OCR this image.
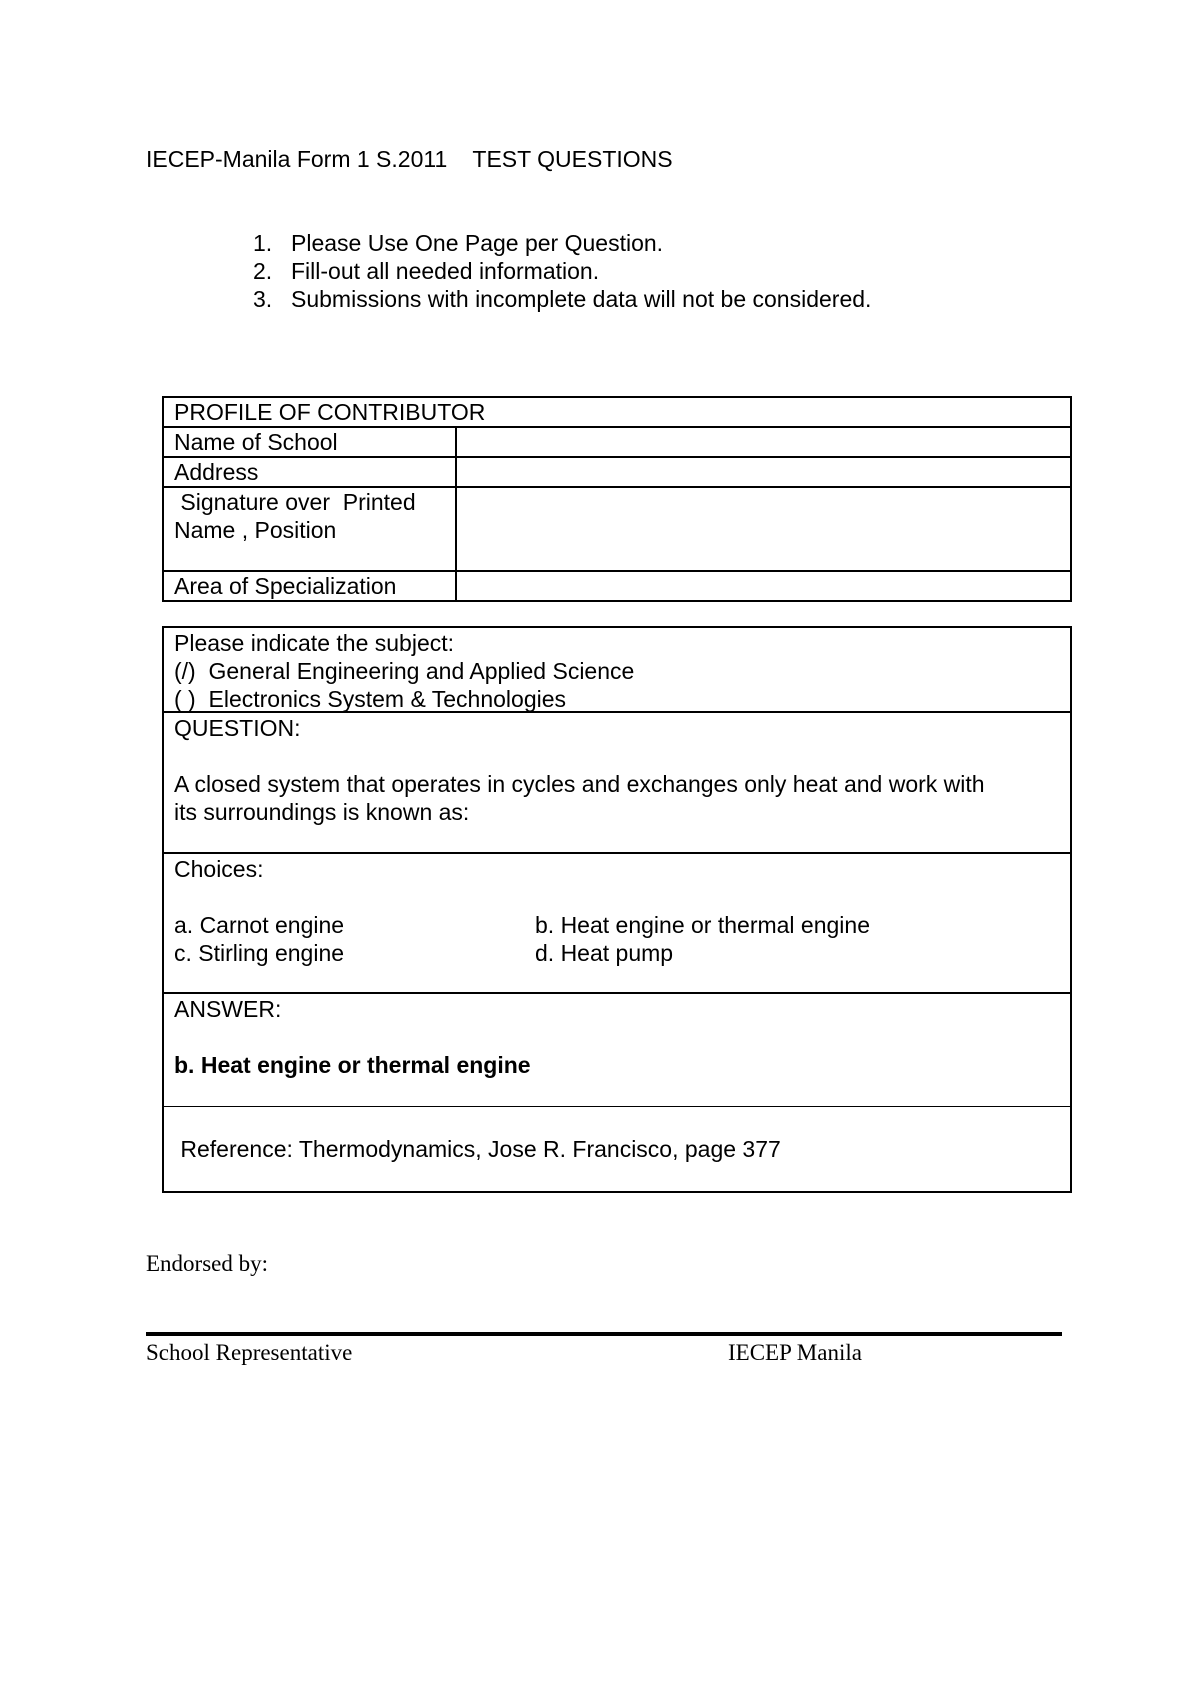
IECEP-Manila Form 1 S.2011    TEST QUESTIONS
1. Please Use One Page per Question.
2. Fill-out all needed information.
3. Submissions with incomplete data will not be considered.
PROFILE OF CONTRIBUTOR	
Name of School	
Address	

Signature over  Printed
Name , Position	

Area of Specialization	
Please indicate the subject:
(/) General Engineering and Applied Science
( ) Electronics System & Technologies
QUESTION:
A closed system that operates in cycles and exchanges only heat and work with
its surroundings is known as:
Choices:
a. Carnot engine	b. Heat engine or thermal engine
c. Stirling engine	d. Heat pump
ANSWER:
b. Heat engine or thermal engine
Reference: Thermodynamics, Jose R. Francisco, page 377
Endorsed by:
School Representative	IECEP Manila
